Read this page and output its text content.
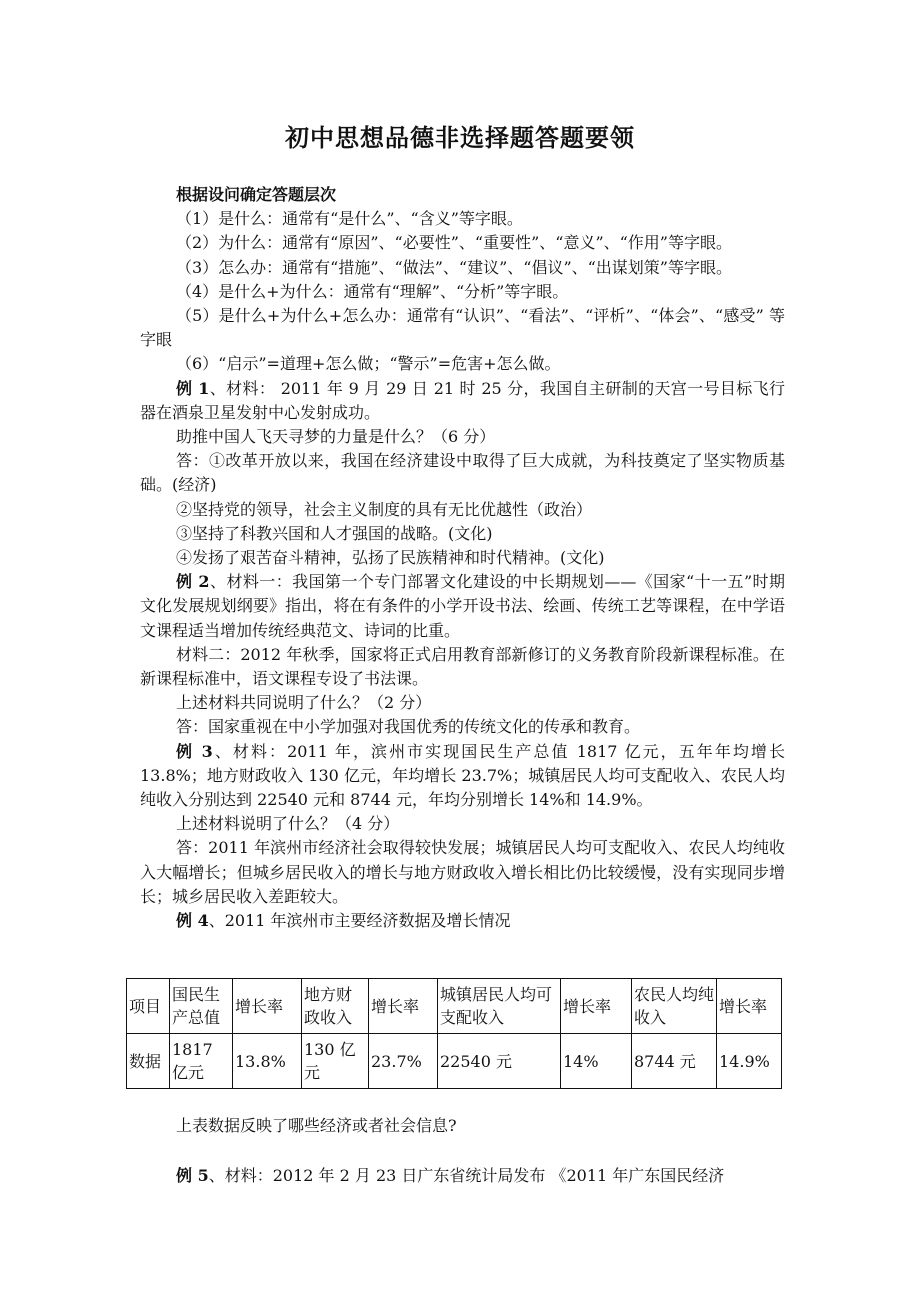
初中思想品德非选择题答题要领

根据设问确定答题层次

（1）是什么：通常有“是什么”、“含义”等字眼。

（2）为什么：通常有“原因”、“必要性”、“重要性”、“意义”、“作用”等字眼。

（3）怎么办：通常有“措施”、“做法”、“建议”、“倡议”、“出谋划策”等字眼。

（4）是什么+为什么：通常有“理解”、“分析”等字眼。

（5）是什么+为什么+怎么办：通常有“认识”、“看法”、“评析”、“体会”、“感受” 等字眼

（6）“启示”=道理+怎么做；“警示”=危害+怎么做。

例 1、材料： 2011 年 9 月 29 日 21 时 25 分，我国自主研制的天宫一号目标飞行器在酒泉卫星发射中心发射成功。

助推中国人飞天寻梦的力量是什么？（6 分）

答：①改革开放以来，我国在经济建设中取得了巨大成就，为科技奠定了坚实物质基础。(经济)

②坚持党的领导，社会主义制度的具有无比优越性（政治）

③坚持了科教兴国和人才强国的战略。(文化)

④发扬了艰苦奋斗精神，弘扬了民族精神和时代精神。(文化)

例 2、材料一：我国第一个专门部署文化建设的中长期规划——《国家“十一五”时期文化发展规划纲要》指出，将在有条件的小学开设书法、绘画、传统工艺等课程，在中学语文课程适当增加传统经典范文、诗词的比重。

材料二：2012 年秋季，国家将正式启用教育部新修订的义务教育阶段新课程标准。在新课程标准中，语文课程专设了书法课。

上述材料共同说明了什么？（2 分）

答：国家重视在中小学加强对我国优秀的传统文化的传承和教育。

例 3、材料：2011 年，滨州市实现国民生产总值 1817 亿元，五年年均增长 13.8%；地方财政收入 130 亿元，年均增长 23.7%；城镇居民人均可支配收入、农民人均纯收入分别达到 22540 元和 8744 元，年均分别增长 14%和 14.9%。

上述材料说明了什么？（4 分）

答：2011 年滨州市经济社会取得较快发展；城镇居民人均可支配收入、农民人均纯收入大幅增长；但城乡居民收入的增长与地方财政收入增长相比仍比较缓慢，没有实现同步增长；城乡居民收入差距较大。

例 4、2011 年滨州市主要经济数据及增长情况

项目	国民生产总值	增长率	地方财政收入	增长率	城镇居民人均可支配收入	增长率	农民人均纯收入	增长率
数据	1817 亿元	13.8%	130 亿元	23.7%	22540 元	14%	8744 元	14.9%

上表数据反映了哪些经济或者社会信息?

例 5、材料：2012 年 2 月 23 日广东省统计局发布 《2011 年广东国民经济
